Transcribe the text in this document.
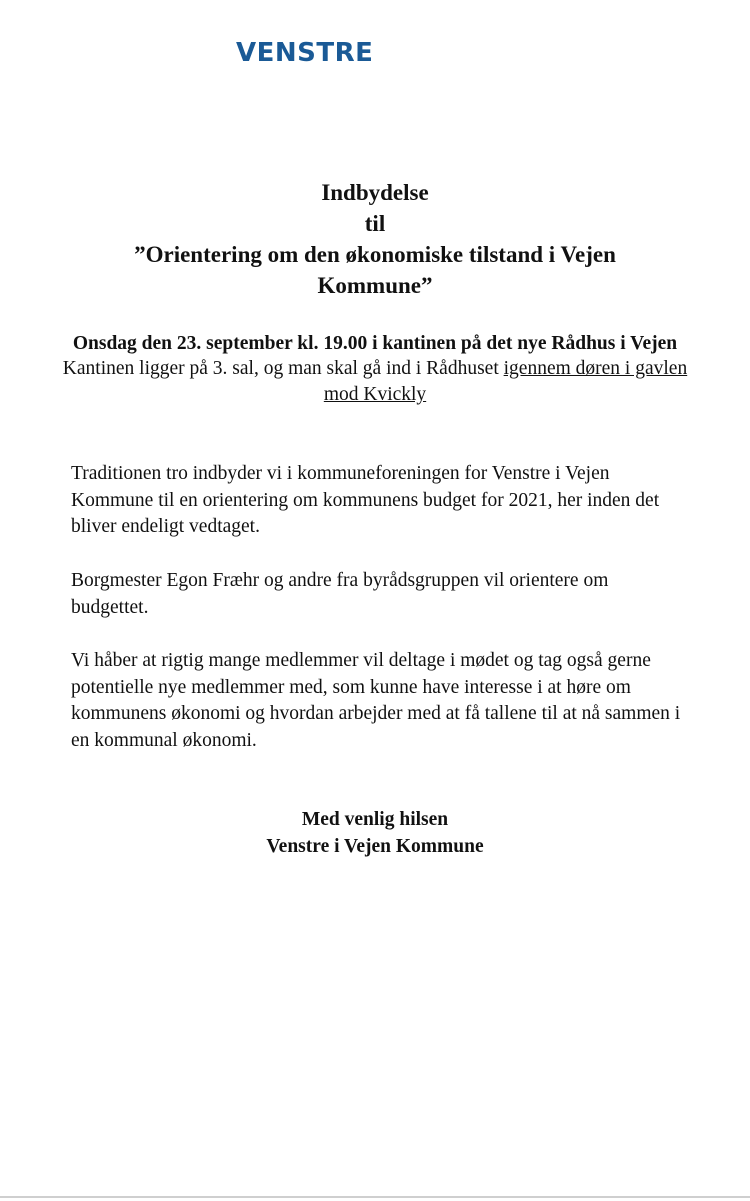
VENSTRE
Indbydelse
til
”Orientering om den økonomiske tilstand i Vejen
Kommune”
Onsdag den 23. september kl. 19.00 i kantinen på det nye Rådhus i Vejen
Kantinen ligger på 3. sal, og man skal gå ind i Rådhuset igennem døren i gavlen mod Kvickly
Traditionen tro indbyder vi i kommuneforeningen for Venstre i Vejen Kommune til en orientering om kommunens budget for 2021, her inden det bliver endeligt vedtaget.
Borgmester Egon Fræhr og andre fra byrådsgruppen vil orientere om budgettet.
Vi håber at rigtig mange medlemmer vil deltage i mødet og tag også gerne potentielle nye medlemmer med, som kunne have interesse i at høre om kommunens økonomi og hvordan arbejder med at få tallene til at nå sammen i en kommunal økonomi.
Med venlig hilsen
Venstre i Vejen Kommune
